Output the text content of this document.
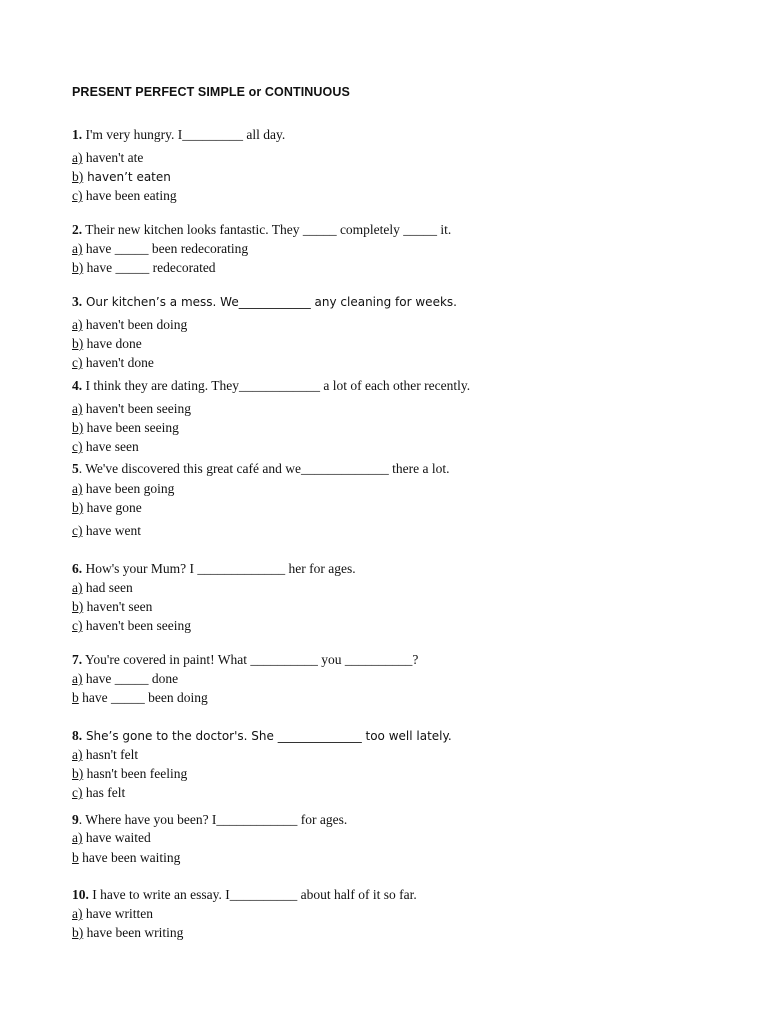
PRESENT PERFECT SIMPLE or CONTINUOUS
1. I'm very hungry. I_________ all day.
a) haven't ate
b) haven’t eaten
c) have been eating
2. Their new kitchen looks fantastic. They _____ completely _____ it.
a) have _____ been redecorating
b) have _____ redecorated
3. Our kitchen’s a mess. We____________ any cleaning for weeks.
a) haven't been doing
b) have done
c) haven't done
4. I think they are dating. They____________ a lot of each other recently.
a) haven't been seeing
b) have been seeing
c) have seen
5. We've discovered this great café and we_____________ there a lot.
a) have been going
b) have gone
c) have went
6. How's your Mum? I _____________ her for ages.
a) had seen
b) haven't seen
c) haven't been seeing
7. You're covered in paint! What __________ you __________?
a) have _____ done
b have _____ been doing
8. She’s gone to the doctor's. She ______________ too well lately.
a) hasn't felt
b) hasn't been feeling
c) has felt
9. Where have you been? I____________ for ages.
a) have waited
b have been waiting
10. I have to write an essay. I__________ about half of it so far.
a) have written
b) have been writing
